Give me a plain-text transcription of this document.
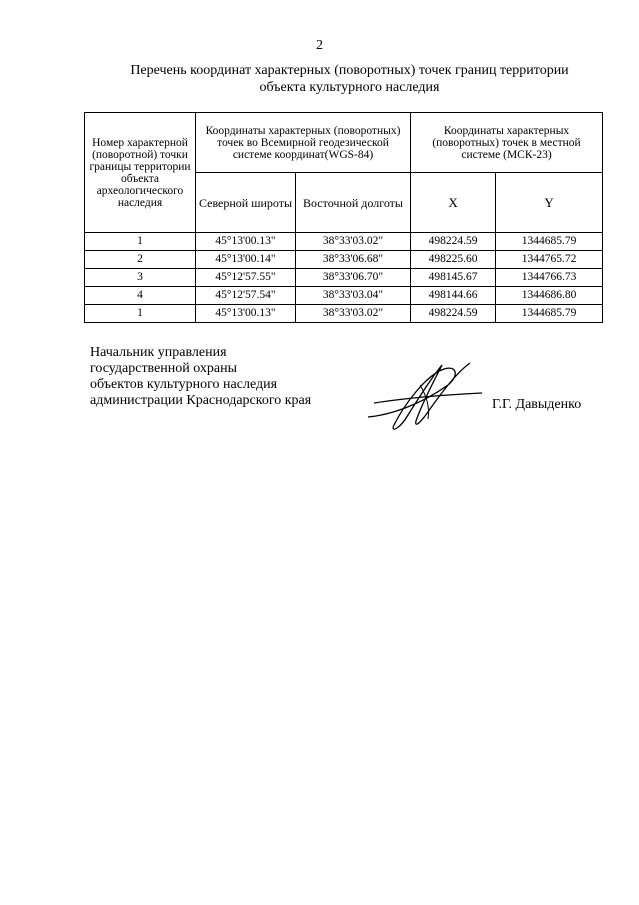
2
Перечень координат характерных (поворотных) точек границ территории
объекта культурного наследия
Номер характерной (поворотной) точки границы территории объекта археологического наследия	Координаты характерных (поворотных) точек во Всемирной геодезической системе координат(WGS-84)		Координаты характерных (поворотных) точек в местной системе (МСК-23)	
	Северной широты	Восточной долготы	X	Y
1	45°13'00.13"	38°33'03.02"	498224.59	1344685.79
2	45°13'00.14"	38°33'06.68"	498225.60	1344765.72
3	45°12'57.55"	38°33'06.70"	498145.67	1344766.73
4	45°12'57.54"	38°33'03.04"	498144.66	1344686.80
1	45°13'00.13"	38°33'03.02"	498224.59	1344685.79
Начальник управления
государственной охраны
объектов культурного наследия
администрации Краснодарского края	Г.Г. Давыденко
